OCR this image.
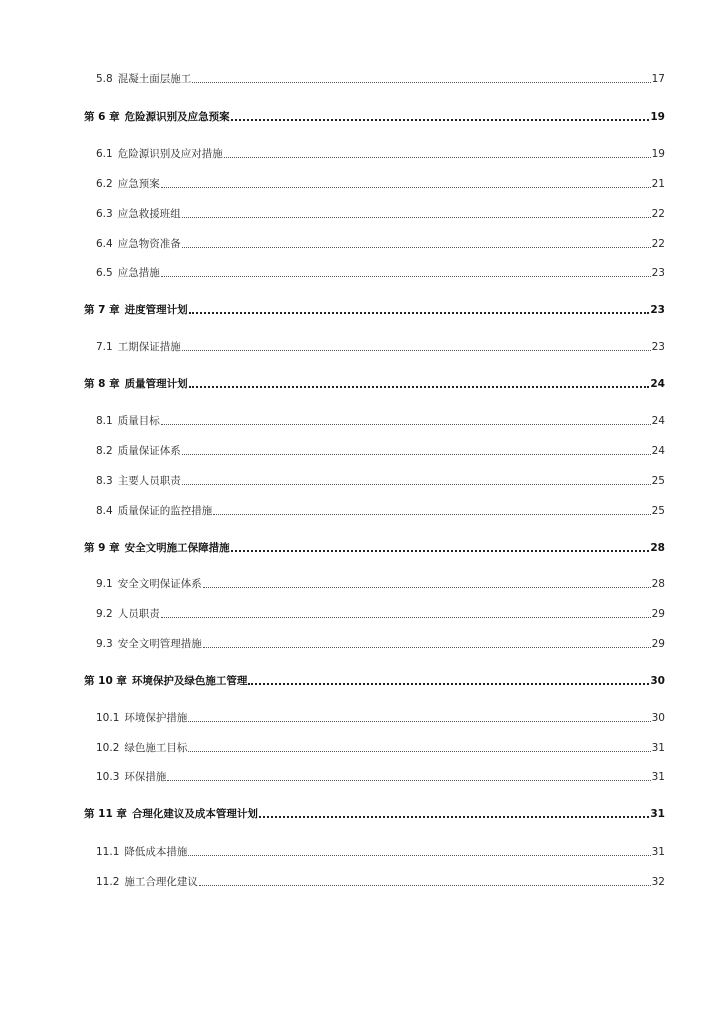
5.8 混凝土面层施工	17
第 6 章 危险源识别及应急预案	19
6.1 危险源识别及应对措施	19
6.2 应急预案	21
6.3 应急救援班组	22
6.4 应急物资准备	22
6.5 应急措施	23
第 7 章 进度管理计划	23
7.1 工期保证措施	23
第 8 章 质量管理计划	24
8.1 质量目标	24
8.2 质量保证体系	24
8.3 主要人员职责	25
8.4 质量保证的监控措施	25
第 9 章 安全文明施工保障措施	28
9.1 安全文明保证体系	28
9.2 人员职责	29
9.3 安全文明管理措施	29
第 10 章 环境保护及绿色施工管理	30
10.1 环境保护措施	30
10.2 绿色施工目标	31
10.3 环保措施	31
第 11 章 合理化建议及成本管理计划	31
11.1 降低成本措施	31
11.2 施工合理化建议	32
